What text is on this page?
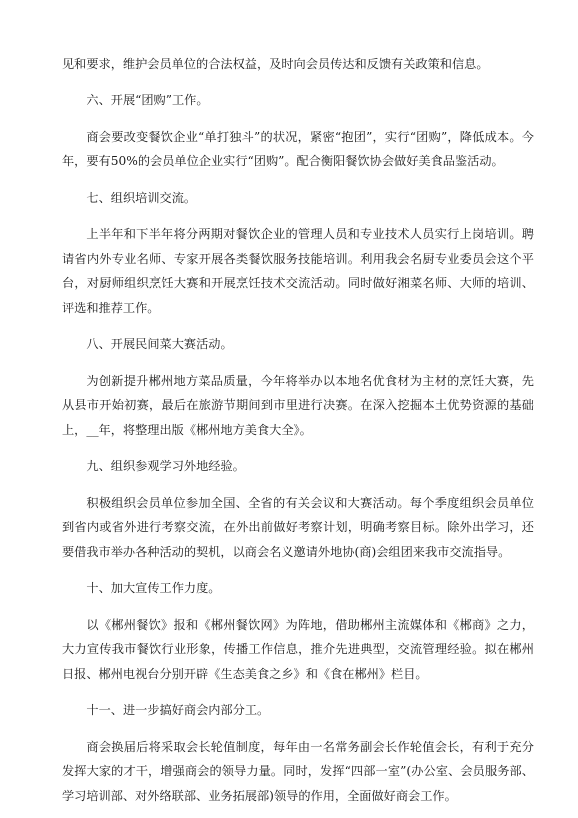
见和要求，维护会员单位的合法权益，及时向会员传达和反馈有关政策和信息。

六、开展“团购”工作。

商会要改变餐饮企业“单打独斗”的状况，紧密“抱团”，实行“团购”，降低成本。今年，要有50%的会员单位企业实行“团购”。配合衡阳餐饮协会做好美食品鉴活动。

七、组织培训交流。

上半年和下半年将分两期对餐饮企业的管理人员和专业技术人员实行上岗培训。聘请省内外专业名师、专家开展各类餐饮服务技能培训。利用我会名厨专业委员会这个平台，对厨师组织烹饪大赛和开展烹饪技术交流活动。同时做好湘菜名师、大师的培训、评选和推荐工作。

八、开展民间菜大赛活动。

为创新提升郴州地方菜品质量，今年将举办以本地名优食材为主材的烹饪大赛，先从县市开始初赛，最后在旅游节期间到市里进行决赛。在深入挖掘本土优势资源的基础上，__年，将整理出版《郴州地方美食大全》。

九、组织参观学习外地经验。

积极组织会员单位参加全国、全省的有关会议和大赛活动。每个季度组织会员单位到省内或省外进行考察交流，在外出前做好考察计划，明确考察目标。除外出学习，还要借我市举办各种活动的契机，以商会名义邀请外地协(商)会组团来我市交流指导。

十、加大宣传工作力度。

以《郴州餐饮》报和《郴州餐饮网》为阵地，借助郴州主流媒体和《郴商》之力，大力宣传我市餐饮行业形象，传播工作信息，推介先进典型，交流管理经验。拟在郴州日报、郴州电视台分别开辟《生态美食之乡》和《食在郴州》栏目。

十一、进一步搞好商会内部分工。

商会换届后将采取会长轮值制度，每年由一名常务副会长作轮值会长，有利于充分发挥大家的才干，增强商会的领导力量。同时，发挥“四部一室”(办公室、会员服务部、学习培训部、对外络联部、业务拓展部)领导的作用，全面做好商会工作。
